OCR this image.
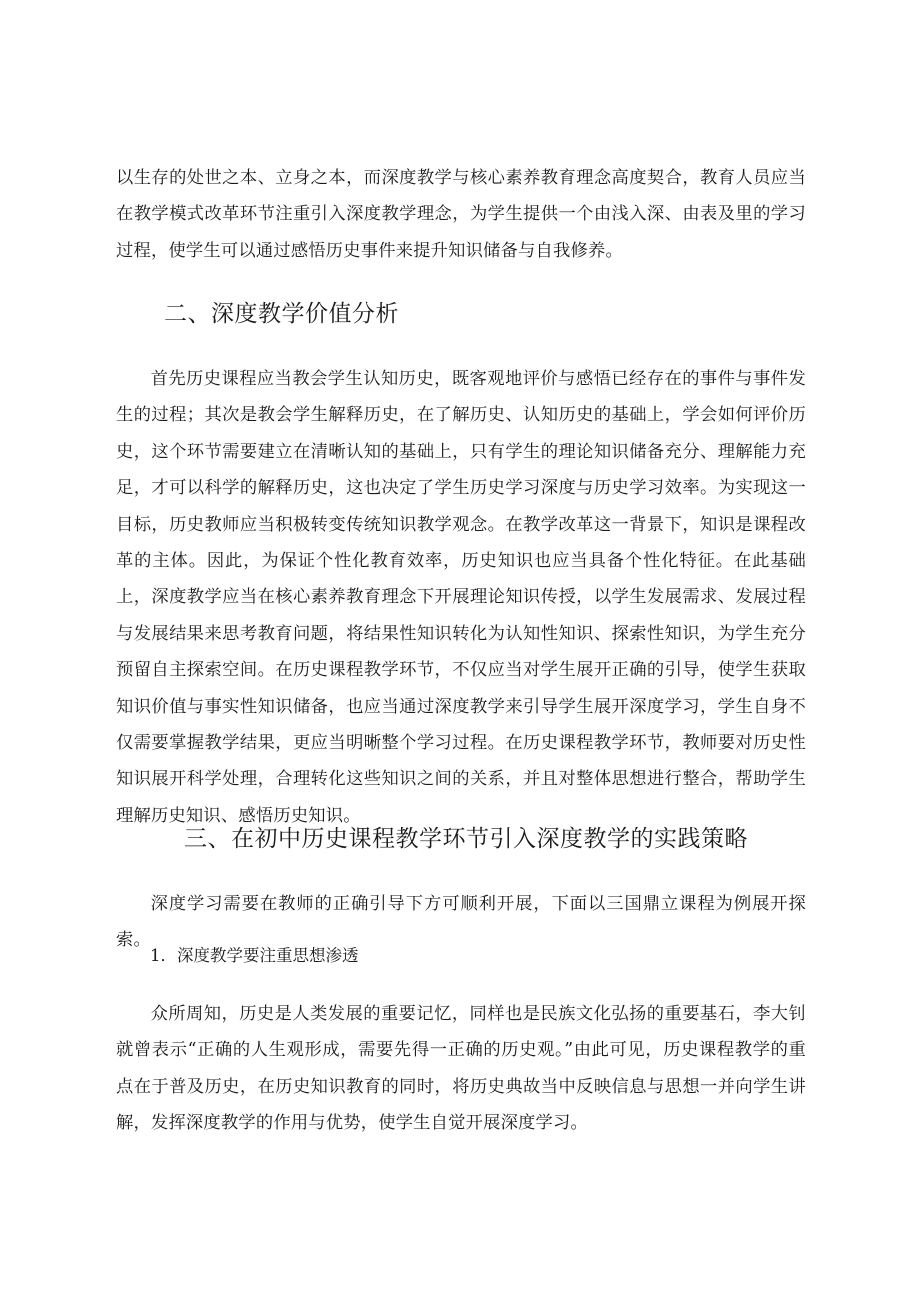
以生存的处世之本、立身之本，而深度教学与核心素养教育理念高度契合，教育人员应当在教学模式改革环节注重引入深度教学理念，为学生提供一个由浅入深、由表及里的学习过程，使学生可以通过感悟历史事件来提升知识储备与自我修养。

二、深度教学价值分析

首先历史课程应当教会学生认知历史，既客观地评价与感悟已经存在的事件与事件发生的过程；其次是教会学生解释历史，在了解历史、认知历史的基础上，学会如何评价历史，这个环节需要建立在清晰认知的基础上，只有学生的理论知识储备充分、理解能力充足，才可以科学的解释历史，这也决定了学生历史学习深度与历史学习效率。为实现这一目标，历史教师应当积极转变传统知识教学观念。在教学改革这一背景下，知识是课程改革的主体。因此，为保证个性化教育效率，历史知识也应当具备个性化特征。在此基础上，深度教学应当在核心素养教育理念下开展理论知识传授，以学生发展需求、发展过程与发展结果来思考教育问题，将结果性知识转化为认知性知识、探索性知识，为学生充分预留自主探索空间。在历史课程教学环节，不仅应当对学生展开正确的引导，使学生获取知识价值与事实性知识储备，也应当通过深度教学来引导学生展开深度学习，学生自身不仅需要掌握教学结果，更应当明晰整个学习过程。在历史课程教学环节，教师要对历史性知识展开科学处理，合理转化这些知识之间的关系，并且对整体思想进行整合，帮助学生理解历史知识、感悟历史知识。

三、在初中历史课程教学环节引入深度教学的实践策略

深度学习需要在教师的正确引导下方可顺利开展，下面以三国鼎立课程为例展开探索。

1．深度教学要注重思想渗透

众所周知，历史是人类发展的重要记忆，同样也是民族文化弘扬的重要基石，李大钊就曾表示“正确的人生观形成，需要先得一正确的历史观。”由此可见，历史课程教学的重点在于普及历史，在历史知识教育的同时，将历史典故当中反映信息与思想一并向学生讲解，发挥深度教学的作用与优势，使学生自觉开展深度学习。
